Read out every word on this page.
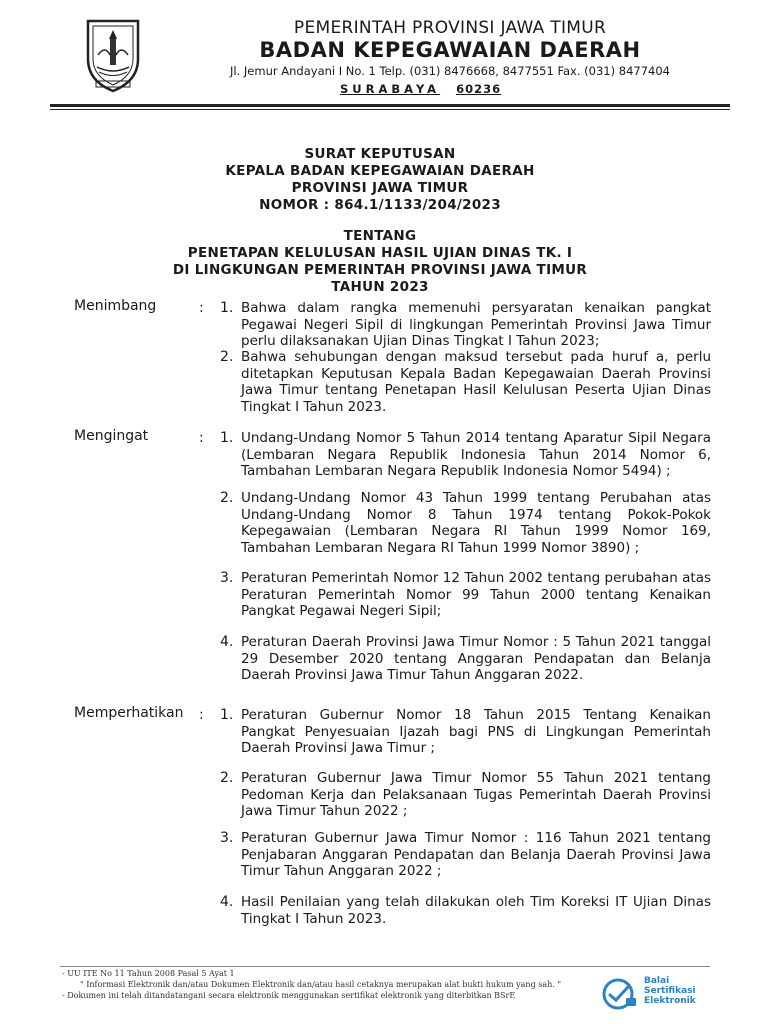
PEMERINTAH PROVINSI JAWA TIMUR
BADAN KEPEGAWAIAN DAERAH
Jl. Jemur Andayani I No. 1 Telp. (031) 8476668, 8477551 Fax. (031) 8477404
SURABAYA 60236
SURAT KEPUTUSAN
KEPALA BADAN KEPEGAWAIAN DAERAH
PROVINSI JAWA TIMUR
NOMOR : 864.1/1133/204/2023
TENTANG
PENETAPAN KELULUSAN HASIL UJIAN DINAS TK. I
DI LINGKUNGAN PEMERINTAH PROVINSI JAWA TIMUR
TAHUN 2023
Menimbang	: 1. Bahwa dalam rangka memenuhi persyaratan kenaikan pangkat Pegawai Negeri Sipil di lingkungan Pemerintah Provinsi Jawa Timur perlu dilaksanakan Ujian Dinas Tingkat I Tahun 2023;
2. Bahwa sehubungan dengan maksud tersebut pada huruf a, perlu ditetapkan Keputusan Kepala Badan Kepegawaian Daerah Provinsi Jawa Timur tentang Penetapan Hasil Kelulusan Peserta Ujian Dinas Tingkat I Tahun 2023.
Mengingat	: 1. Undang-Undang Nomor 5 Tahun 2014 tentang Aparatur Sipil Negara (Lembaran Negara Republik Indonesia Tahun 2014 Nomor 6, Tambahan Lembaran Negara Republik Indonesia Nomor 5494) ;
2. Undang-Undang Nomor 43 Tahun 1999 tentang Perubahan atas Undang-Undang Nomor 8 Tahun 1974 tentang Pokok-Pokok Kepegawaian (Lembaran Negara RI Tahun 1999 Nomor 169, Tambahan Lembaran Negara RI Tahun 1999 Nomor 3890) ;
3. Peraturan Pemerintah Nomor 12 Tahun 2002 tentang perubahan atas Peraturan Pemerintah Nomor 99 Tahun 2000 tentang Kenaikan Pangkat Pegawai Negeri Sipil;
4. Peraturan Daerah Provinsi Jawa Timur Nomor : 5 Tahun 2021 tanggal 29 Desember 2020 tentang Anggaran Pendapatan dan Belanja Daerah Provinsi Jawa Timur Tahun Anggaran 2022.
Memperhatikan : 1. Peraturan Gubernur Nomor 18 Tahun 2015 Tentang Kenaikan Pangkat Penyesuaian Ijazah bagi PNS di Lingkungan Pemerintah Daerah Provinsi Jawa Timur ;
2. Peraturan Gubernur Jawa Timur Nomor 55 Tahun 2021 tentang Pedoman Kerja dan Pelaksanaan Tugas Pemerintah Daerah Provinsi Jawa Timur Tahun 2022 ;
3. Peraturan Gubernur Jawa Timur Nomor : 116 Tahun 2021 tentang Penjabaran Anggaran Pendapatan dan Belanja Daerah Provinsi Jawa Timur Tahun Anggaran 2022 ;
4. Hasil Penilaian yang telah dilakukan oleh Tim Koreksi IT Ujian Dinas Tingkat I Tahun 2023.
- UU ITE No 11 Tahun 2008 Pasal 5 Ayat 1
" Informasi Elektronik dan/atau Dokumen Elektronik dan/atau hasil cetaknya merupakan alat bukti hukum yang sah. "
- Dokumen ini telah ditandatangani secara elektronik menggunakan sertifikat elektronik yang diterbitkan BSrE
Balai
Sertifikasi
Elektronik
